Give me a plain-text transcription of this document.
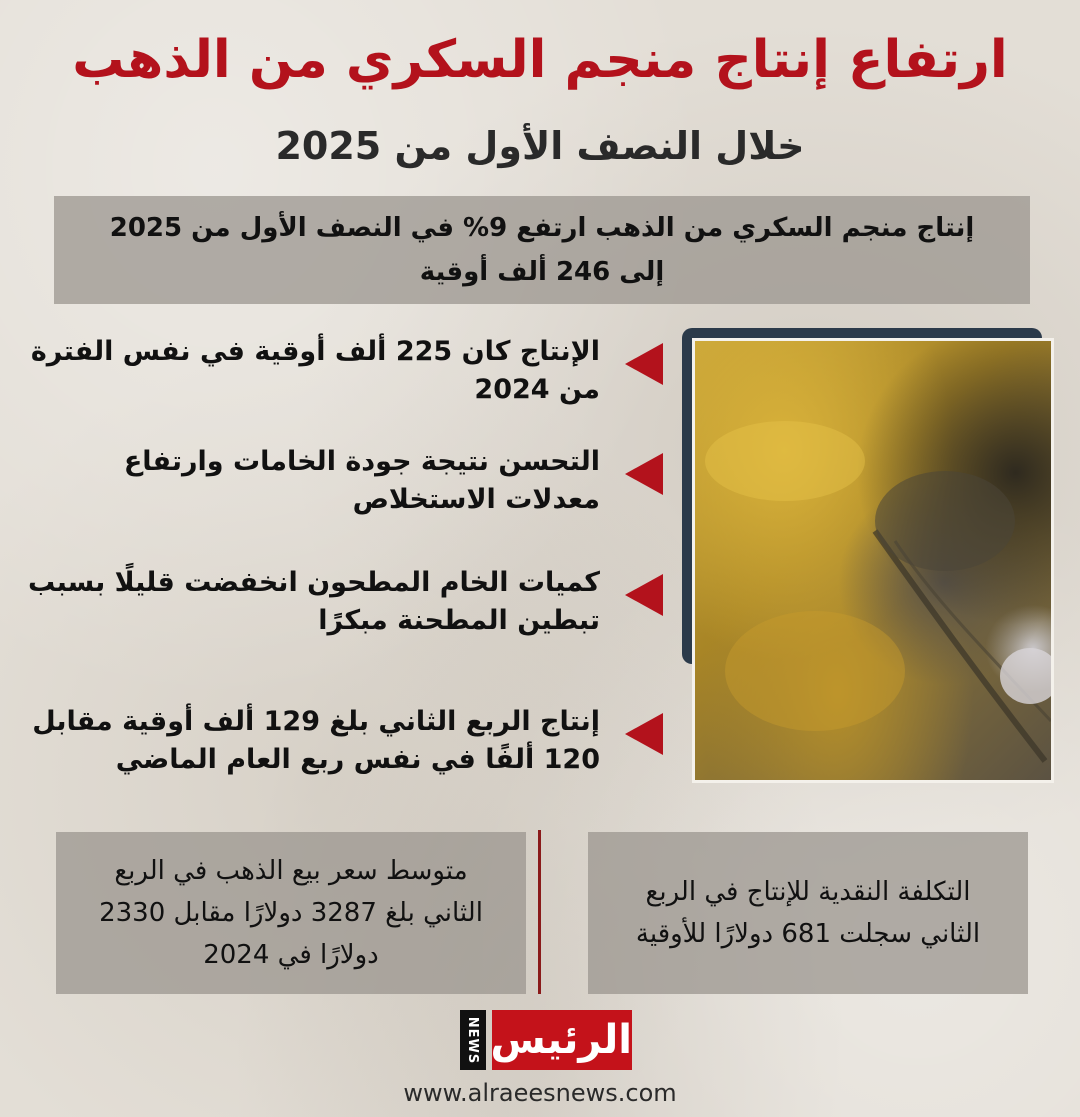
ارتفاع إنتاج منجم السكري من الذهب
خلال النصف الأول من 2025
إنتاج منجم السكري من الذهب ارتفع 9% في النصف الأول من 2025 إلى 246 ألف أوقية
الإنتاج كان 225 ألف أوقية في نفس الفترة من 2024
التحسن نتيجة جودة الخامات وارتفاع معدلات الاستخلاص
كميات الخام المطحون انخفضت قليلًا بسبب تبطين المطحنة مبكرًا
إنتاج الربع الثاني بلغ 129 ألف أوقية مقابل 120 ألفًا في نفس ربع العام الماضي
التكلفة النقدية للإنتاج في الربع الثاني سجلت 681 دولارًا للأوقية
متوسط سعر بيع الذهب في الربع الثاني بلغ 3287 دولارًا مقابل 2330 دولارًا في 2024
NEWS الرئيس
www.alraeesnews.com
